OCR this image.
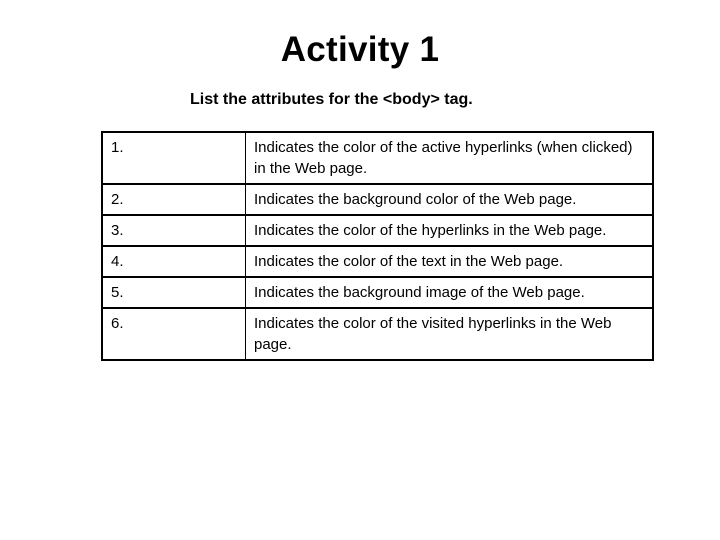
Activity 1
List the attributes for the <body> tag.
1.	Indicates the color of the active hyperlinks (when clicked) in the Web page.
2.	Indicates the background color of the Web page.
3.	Indicates the color of the hyperlinks in the Web page.
4.	Indicates the color of the text in the Web page.
5.	Indicates the background image of the Web page.
6.	Indicates the color of the visited hyperlinks in the Web page.
